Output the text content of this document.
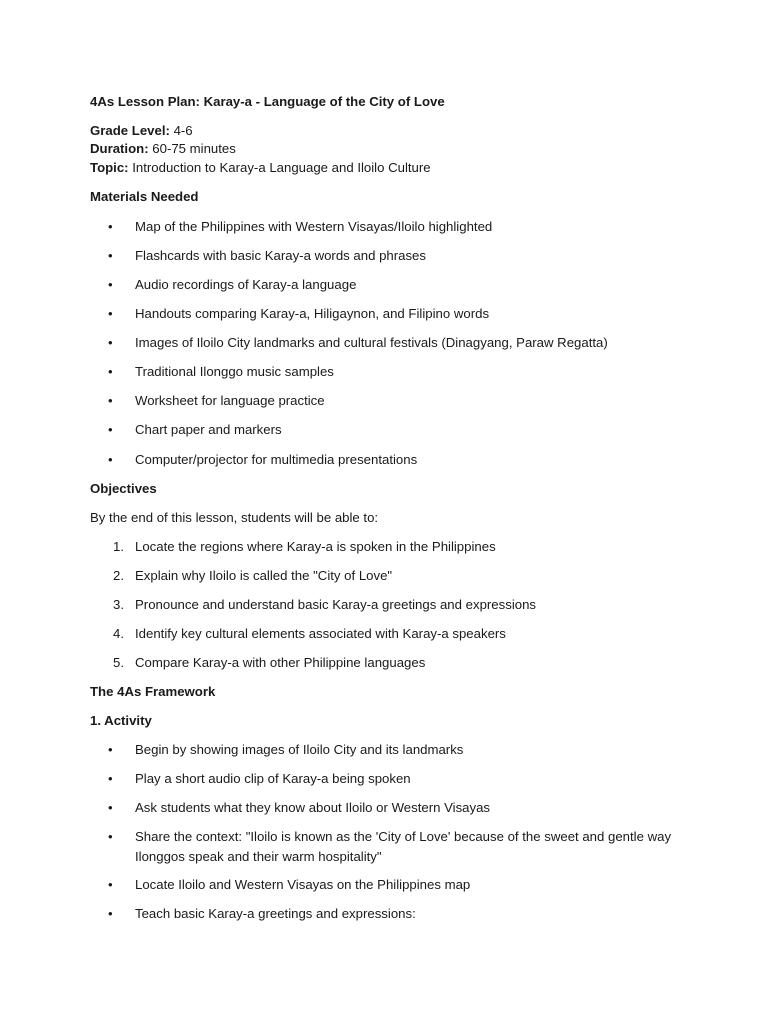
4As Lesson Plan: Karay-a - Language of the City of Love
Grade Level: 4-6
Duration: 60-75 minutes
Topic: Introduction to Karay-a Language and Iloilo Culture
Materials Needed
•	Map of the Philippines with Western Visayas/Iloilo highlighted
•	Flashcards with basic Karay-a words and phrases
•	Audio recordings of Karay-a language
•	Handouts comparing Karay-a, Hiligaynon, and Filipino words
•	Images of Iloilo City landmarks and cultural festivals (Dinagyang, Paraw Regatta)
•	Traditional Ilonggo music samples
•	Worksheet for language practice
•	Chart paper and markers
•	Computer/projector for multimedia presentations
Objectives
By the end of this lesson, students will be able to:
1. Locate the regions where Karay-a is spoken in the Philippines
2. Explain why Iloilo is called the "City of Love"
3. Pronounce and understand basic Karay-a greetings and expressions
4. Identify key cultural elements associated with Karay-a speakers
5. Compare Karay-a with other Philippine languages
The 4As Framework
1. Activity
•	Begin by showing images of Iloilo City and its landmarks
•	Play a short audio clip of Karay-a being spoken
•	Ask students what they know about Iloilo or Western Visayas
•	Share the context: "Iloilo is known as the 'City of Love' because of the sweet and gentle way Ilonggos speak and their warm hospitality"
•	Locate Iloilo and Western Visayas on the Philippines map
•	Teach basic Karay-a greetings and expressions:
